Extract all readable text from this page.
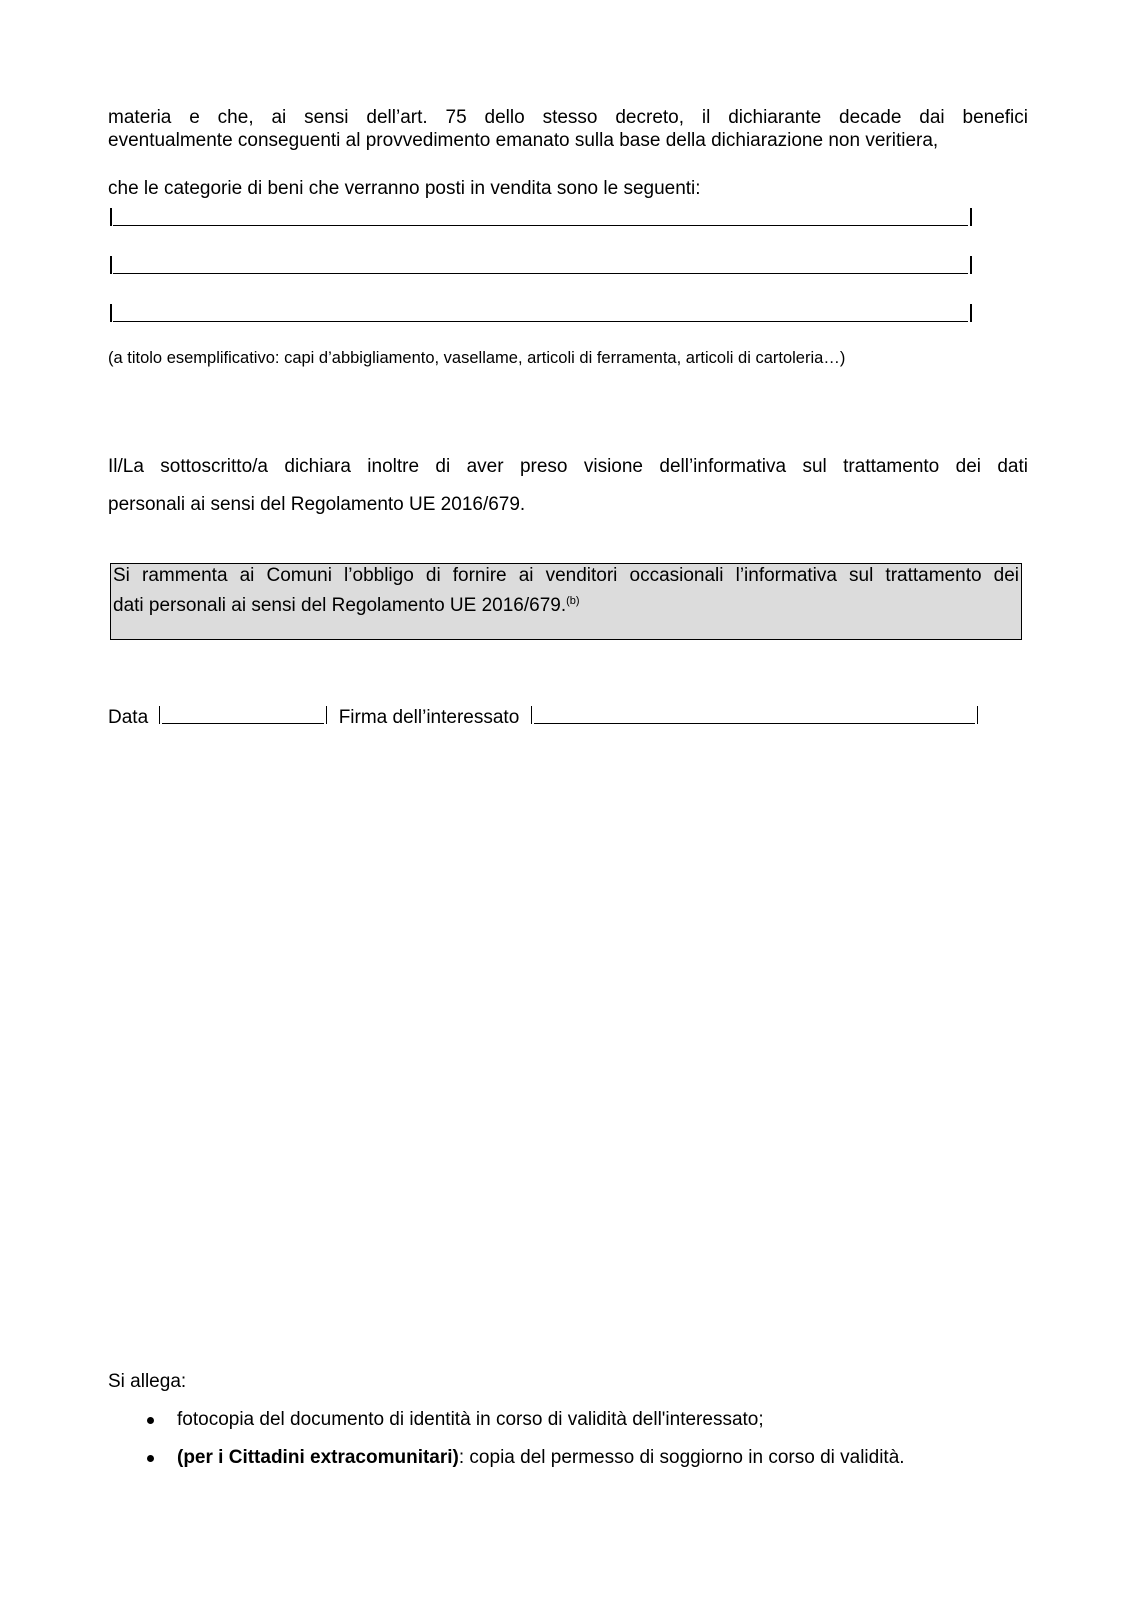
materia e che, ai sensi dell’art. 75 dello stesso decreto, il dichiarante decade dai benefici
eventualmente conseguenti al provvedimento emanato sulla base della dichiarazione non veritiera,
che le categorie di beni che verranno posti in vendita sono le seguenti:
(a titolo esemplificativo: capi d’abbigliamento, vasellame, articoli di ferramenta, articoli di cartoleria…)
Il/La sottoscritto/a dichiara inoltre di aver preso visione dell’informativa sul trattamento dei dati
personali ai sensi del Regolamento UE 2016/679.
Si rammenta ai Comuni l’obbligo di fornire ai venditori occasionali l’informativa sul trattamento dei
dati personali ai sensi del Regolamento UE 2016/679.$^{(b)}$
Data	Firma dell’interessato
Si allega:
fotocopia del documento di identità in corso di validità dell'interessato;
(per i Cittadini extracomunitari): copia del permesso di soggiorno in corso di validità.
